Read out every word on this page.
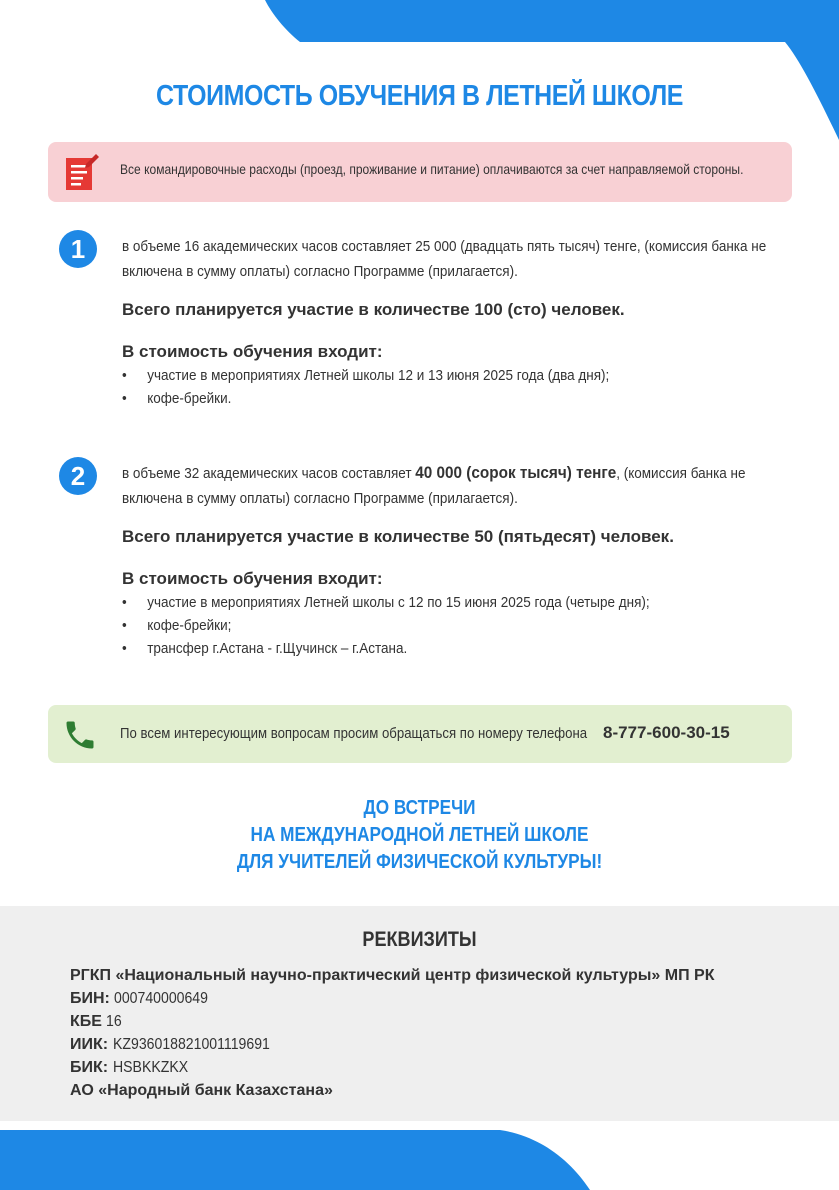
СТОИМОСТЬ ОБУЧЕНИЯ В ЛЕТНЕЙ ШКОЛЕ
Все командировочные расходы (проезд, проживание и питание) оплачиваются за счет направляемой стороны.
1	в объеме 16 академических часов составляет 25 000 (двадцать пять тысяч) тенге, (комиссия банка не включена в сумму оплаты) согласно Программе (прилагается).
Всего планируется участие в количестве 100 (сто) человек.
В стоимость обучения входит:
• участие в мероприятиях Летней школы 12 и 13 июня 2025 года (два дня);
• кофе-брейки.
2	в объеме 32 академических часов составляет 40 000 (сорок тысяч) тенге, (комиссия банка не включена в сумму оплаты) согласно Программе (прилагается).
Всего планируется участие в количестве 50 (пятьдесят) человек.
В стоимость обучения входит:
• участие в мероприятиях Летней школы с 12 по 15 июня 2025 года (четыре дня);
• кофе-брейки;
• трансфер г.Астана - г.Щучинск – г.Астана.
По всем интересующим вопросам просим обращаться по номеру телефона 8-777-600-30-15
ДО ВСТРЕЧИ
НА МЕЖДУНАРОДНОЙ ЛЕТНЕЙ ШКОЛЕ
ДЛЯ УЧИТЕЛЕЙ ФИЗИЧЕСКОЙ КУЛЬТУРЫ!
РЕКВИЗИТЫ
РГКП «Национальный научно-практический центр физической культуры» МП РК
БИН: 000740000649
КБЕ 16
ИИК: KZ936018821001119691
БИК: HSBKKZKX
АО «Народный банк Казахстана»
